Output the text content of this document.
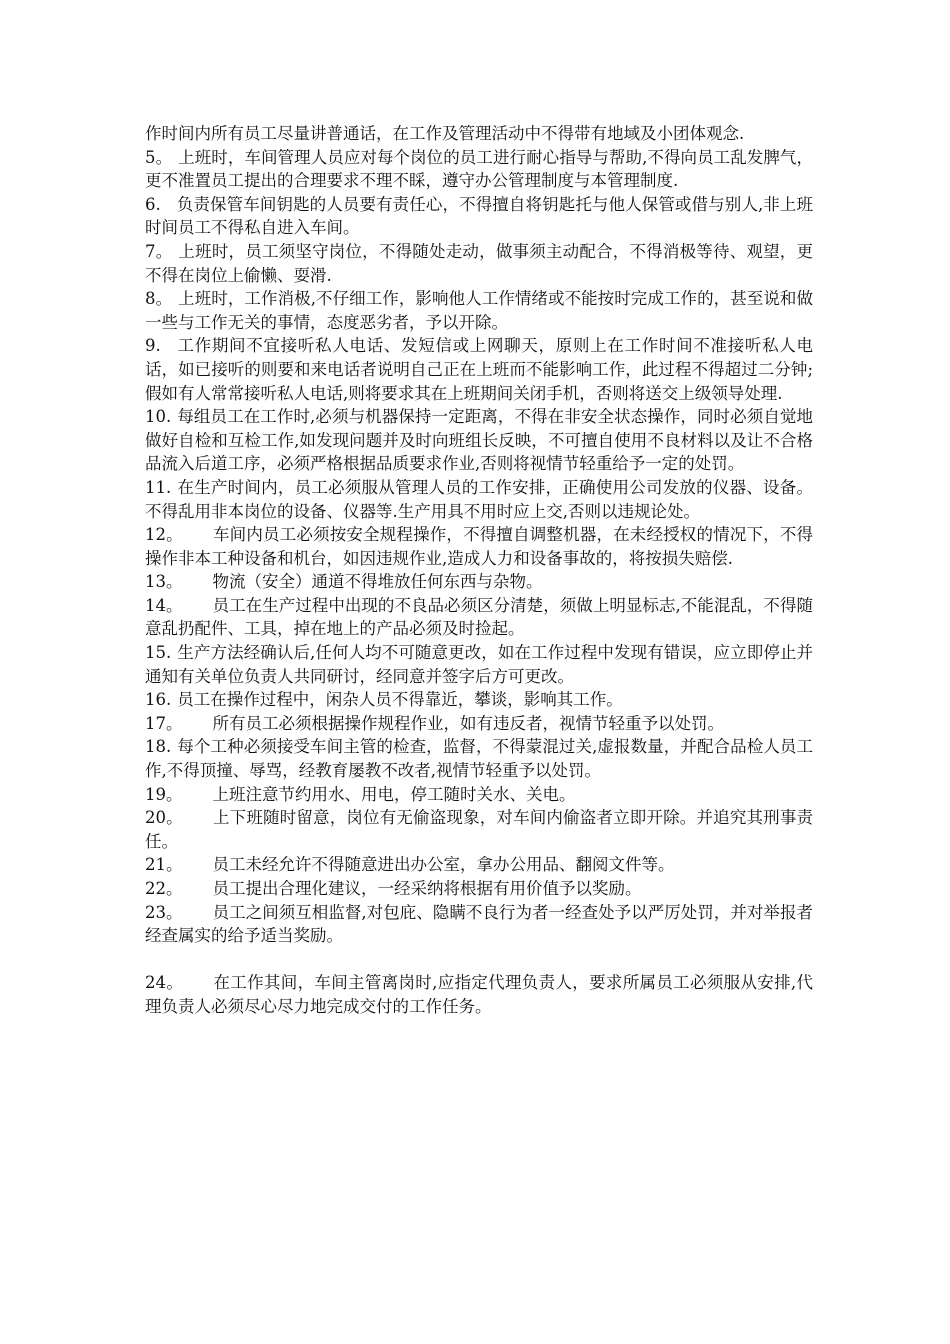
作时间内所有员工尽量讲普通话，在工作及管理活动中不得带有地域及小团体观念.

5。 上班时，车间管理人员应对每个岗位的员工进行耐心指导与帮助,不得向员工乱发脾气，更不准置员工提出的合理要求不理不睬，遵守办公管理制度与本管理制度.

6. 负责保管车间钥匙的人员要有责任心，不得擅自将钥匙托与他人保管或借与别人,非上班时间员工不得私自进入车间。

7。 上班时，员工须坚守岗位，不得随处走动，做事须主动配合，不得消极等待、观望，更不得在岗位上偷懒、耍滑.

8。 上班时，工作消极,不仔细工作，影响他人工作情绪或不能按时完成工作的，甚至说和做一些与工作无关的事情，态度恶劣者，予以开除。

9. 工作期间不宜接听私人电话、发短信或上网聊天，原则上在工作时间不准接听私人电话，如已接听的则要和来电话者说明自己正在上班而不能影响工作，此过程不得超过二分钟;假如有人常常接听私人电话,则将要求其在上班期间关闭手机，否则将送交上级领导处理.

10. 每组员工在工作时,必须与机器保持一定距离，不得在非安全状态操作，同时必须自觉地做好自检和互检工作,如发现问题并及时向班组长反映，不可擅自使用不良材料以及让不合格品流入后道工序，必须严格根据品质要求作业,否则将视情节轻重给予一定的处罚。

11. 在生产时间内，员工必须服从管理人员的工作安排，正确使用公司发放的仪器、设备。不得乱用非本岗位的设备、仪器等.生产用具不用时应上交,否则以违规论处。

12。 车间内员工必须按安全规程操作，不得擅自调整机器，在未经授权的情况下，不得操作非本工种设备和机台，如因违规作业,造成人力和设备事故的，将按损失赔偿.

13。 物流（安全）通道不得堆放任何东西与杂物。

14。 员工在生产过程中出现的不良品必须区分清楚，须做上明显标志,不能混乱，不得随意乱扔配件、工具，掉在地上的产品必须及时捡起。

15. 生产方法经确认后,任何人均不可随意更改，如在工作过程中发现有错误，应立即停止并通知有关单位负责人共同研讨，经同意并签字后方可更改。

16. 员工在操作过程中，闲杂人员不得靠近，攀谈，影响其工作。

17。 所有员工必须根据操作规程作业，如有违反者，视情节轻重予以处罚。

18. 每个工种必须接受车间主管的检查，监督，不得蒙混过关,虚报数量，并配合品检人员工作,不得顶撞、辱骂，经教育屡教不改者,视情节轻重予以处罚。

19。 上班注意节约用水、用电，停工随时关水、关电。

20。 上下班随时留意，岗位有无偷盗现象，对车间内偷盗者立即开除。并追究其刑事责任。

21。 员工未经允许不得随意进出办公室，拿办公用品、翻阅文件等。

22。 员工提出合理化建议，一经采纳将根据有用价值予以奖励。

23。 员工之间须互相监督,对包庇、隐瞒不良行为者一经查处予以严厉处罚，并对举报者经查属实的给予适当奖励。

24。 在工作其间，车间主管离岗时,应指定代理负责人，要求所属员工必须服从安排,代理负责人必须尽心尽力地完成交付的工作任务。
